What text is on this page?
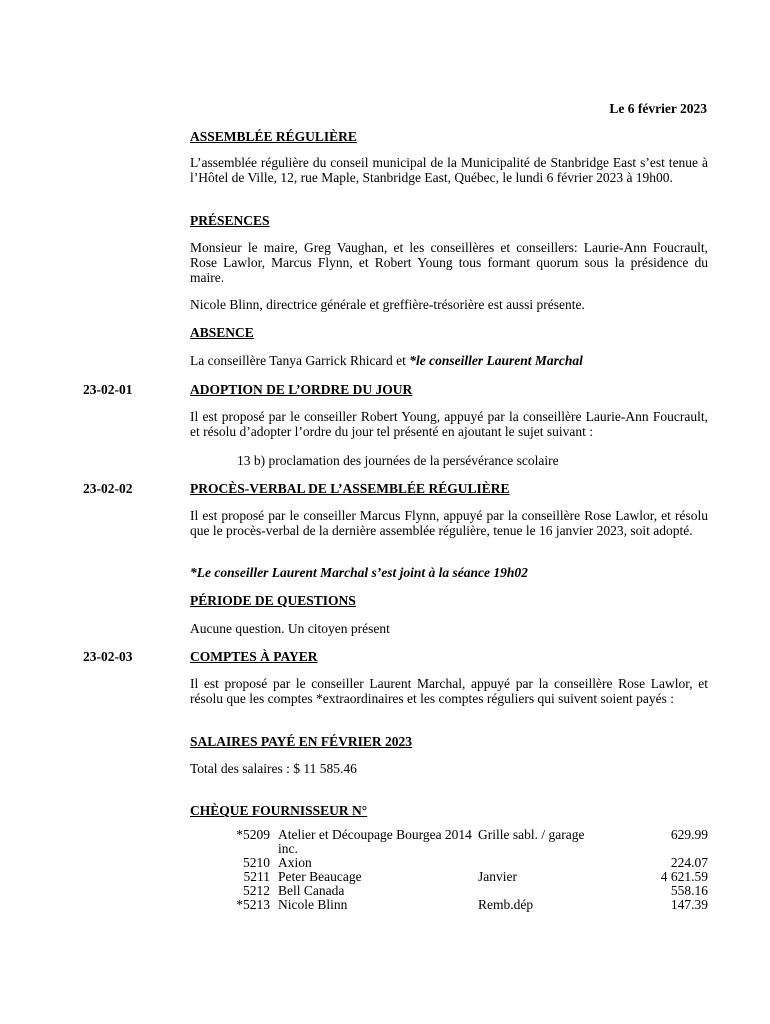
Le 6 février 2023
ASSEMBLÉE RÉGULIÈRE
L’assemblée régulière du conseil municipal de la Municipalité de Stanbridge East s’est tenue à l’Hôtel de Ville, 12, rue Maple, Stanbridge East, Québec, le lundi 6 février 2023 à 19h00.
PRÉSENCES
Monsieur le maire, Greg Vaughan, et les conseillères et conseillers: Laurie-Ann Foucrault, Rose Lawlor, Marcus Flynn, et Robert Young tous formant quorum sous la présidence du maire.
Nicole Blinn, directrice générale et greffière-trésorière est aussi présente.
ABSENCE
La conseillère Tanya Garrick Rhicard et *le conseiller Laurent Marchal
23-02-01	ADOPTION DE L’ORDRE DU JOUR
Il est proposé par le conseiller Robert Young, appuyé par la conseillère Laurie-Ann Foucrault, et résolu d’adopter l’ordre du jour tel présenté en ajoutant le sujet suivant :
13 b) proclamation des journées de la persévérance scolaire
23-02-02	PROCÈS-VERBAL DE L’ASSEMBLÉE RÉGULIÈRE
Il est proposé par le conseiller Marcus Flynn, appuyé par la conseillère Rose Lawlor, et résolu que le procès-verbal de la dernière assemblée régulière, tenue le 16 janvier 2023, soit adopté.
*Le conseiller Laurent Marchal s’est joint à la séance 19h02
PÉRIODE DE QUESTIONS
Aucune question. Un citoyen présent
23-02-03	COMPTES À PAYER
Il est proposé par le conseiller Laurent Marchal, appuyé par la conseillère Rose Lawlor, et résolu que les comptes *extraordinaires et les comptes réguliers qui suivent soient payés :
SALAIRES PAYÉ EN FÉVRIER 2023
Total des salaires : $ 11 585.46
CHÈQUE FOURNISSEUR N°
*5209	Atelier et Découpage Bourgea 2014 inc.	Grille sabl. / garage	629.99
5210	Axion		224.07
5211	Peter Beaucage	Janvier	4 621.59
5212	Bell Canada		558.16
*5213	Nicole Blinn	Remb.dép	147.39
